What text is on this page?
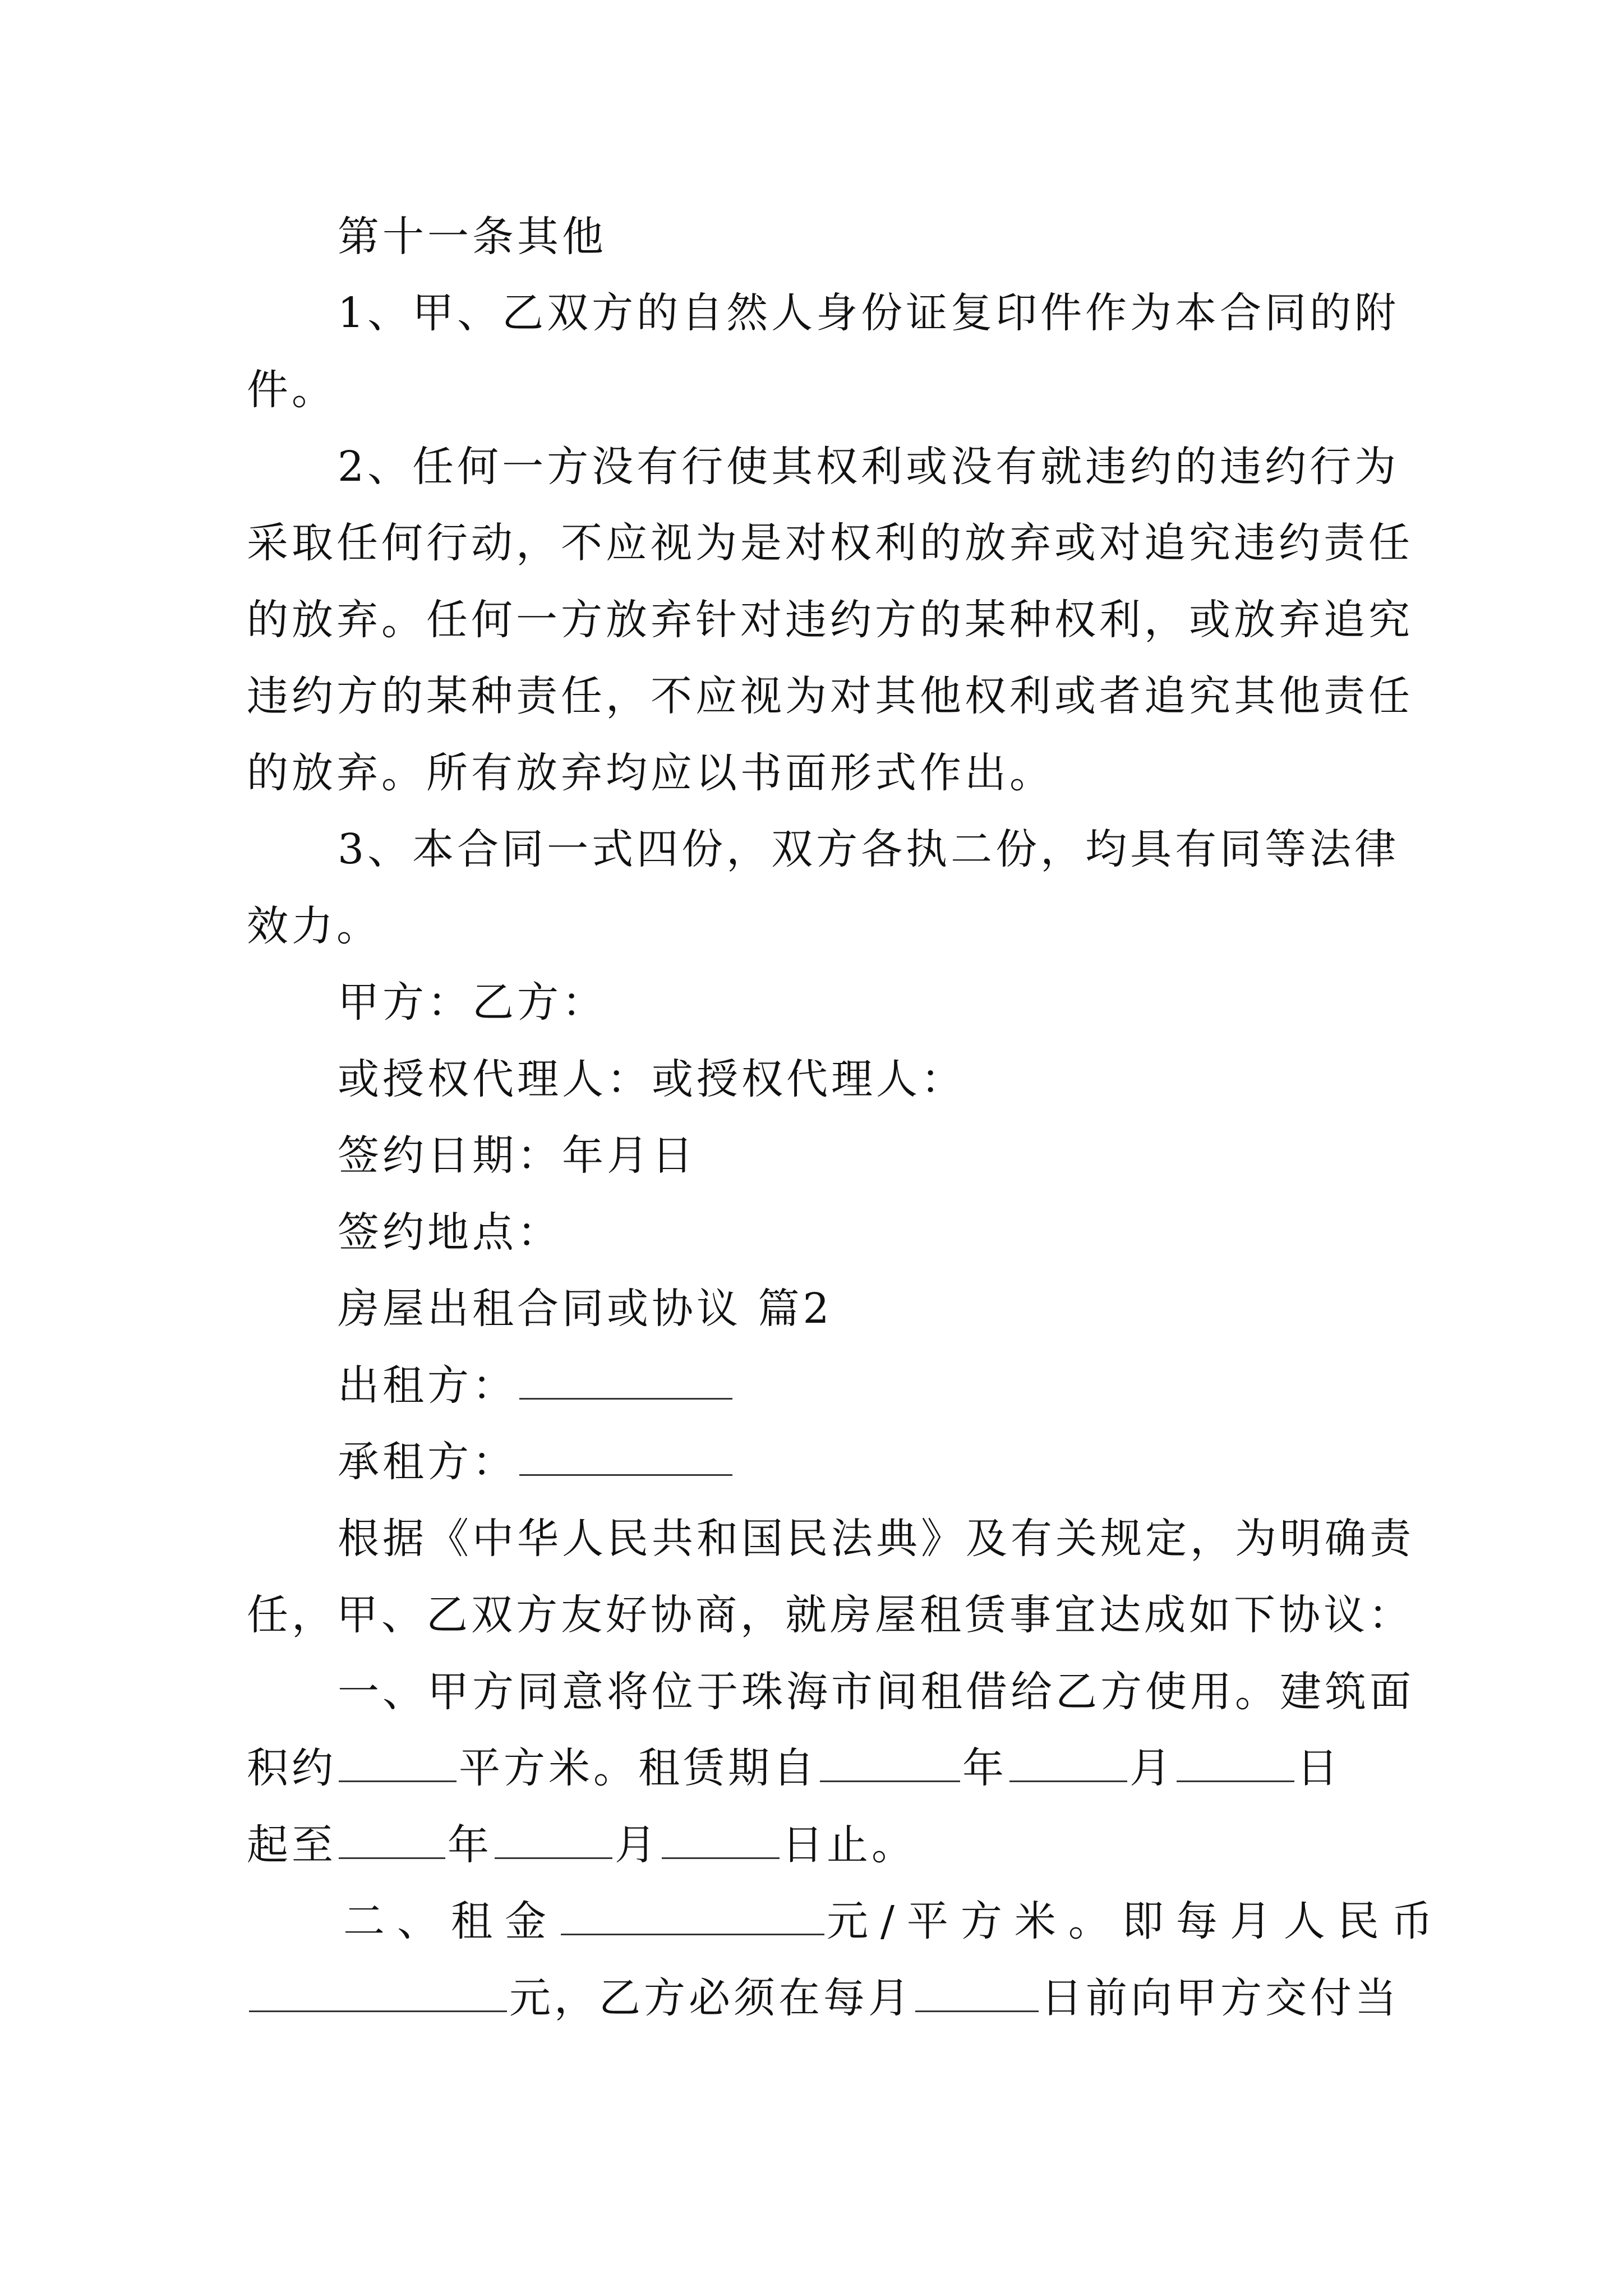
第十一条其他
1、甲、乙双方的自然人身份证复印件作为本合同的附
件。
2、任何一方没有行使其权利或没有就违约的违约行为
采取任何行动，不应视为是对权利的放弃或对追究违约责任
的放弃。任何一方放弃针对违约方的某种权利，或放弃追究
违约方的某种责任，不应视为对其他权利或者追究其他责任
的放弃。所有放弃均应以书面形式作出。
3、本合同一式四份，双方各执二份，均具有同等法律
效力。
甲方：乙方：
或授权代理人：或授权代理人：
签约日期：年月日
签约地点：
房屋出租合同或协议 篇2
出租方：
承租方：
根据《中华人民共和国民法典》及有关规定，为明确责
任，甲、乙双方友好协商，就房屋租赁事宜达成如下协议：
一、甲方同意将位于珠海市间租借给乙方使用。建筑面
积约	平方米。租赁期自	年	月	日
起至	年	月	日止。
二、租金	元/平方米。即每月人民币
元，乙方必须在每月	日前向甲方交付当
